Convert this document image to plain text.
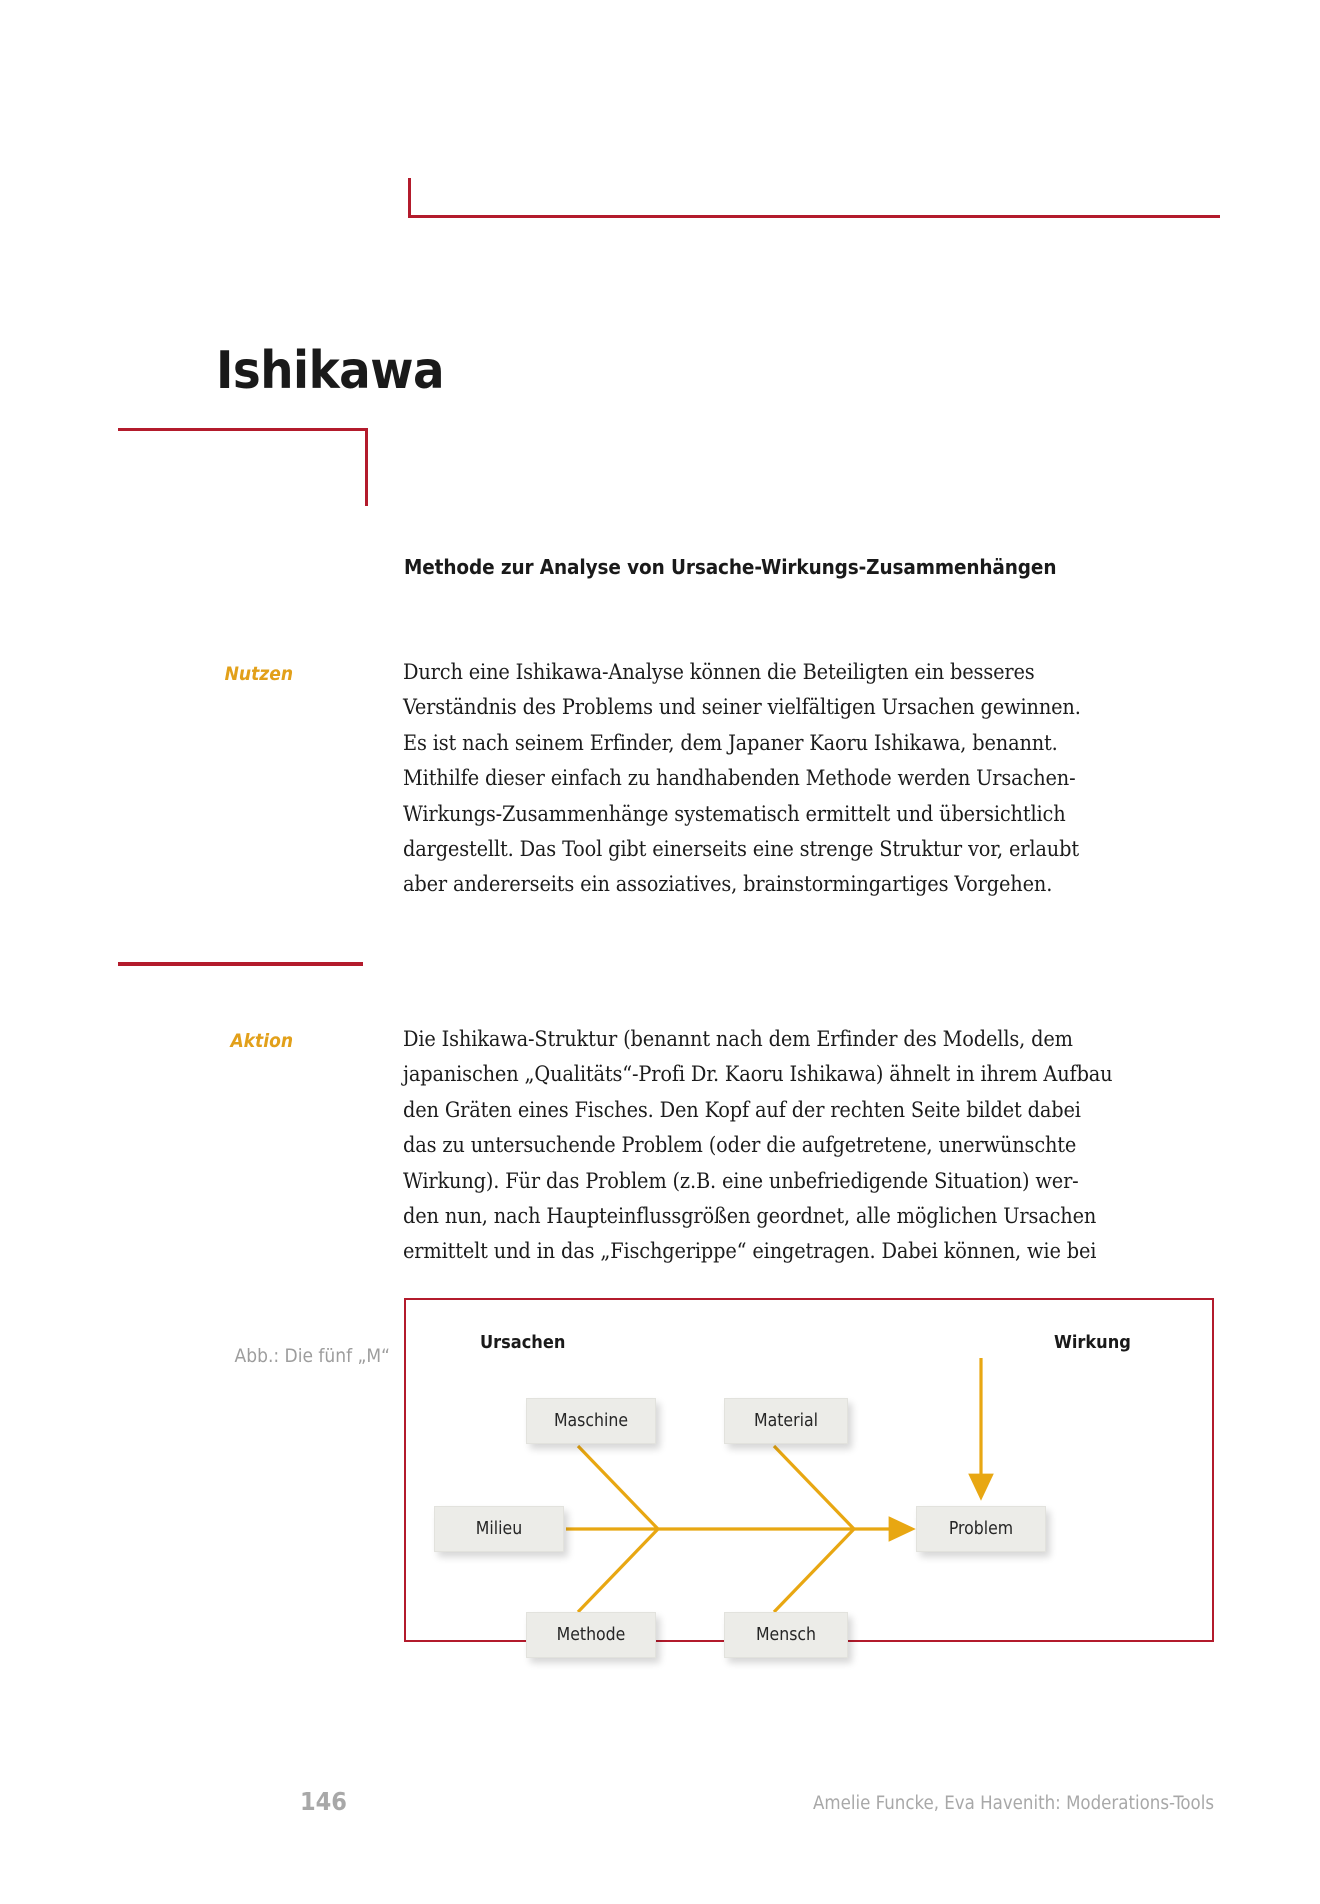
Ishikawa
Methode zur Analyse von Ursache-Wirkungs-Zusammenhängen
Nutzen	Durch eine Ishikawa-Analyse können die Beteiligten ein besseres
Verständnis des Problems und seiner vielfältigen Ursachen gewinnen.
Es ist nach seinem Erfinder, dem Japaner Kaoru Ishikawa, benannt.
Mithilfe dieser einfach zu handhabenden Methode werden Ursachen-
Wirkungs-Zusammenhänge systematisch ermittelt und übersichtlich
dargestellt. Das Tool gibt einerseits eine strenge Struktur vor, erlaubt
aber andererseits ein assoziatives, brainstormingartiges Vorgehen.
Aktion	Die Ishikawa-Struktur (benannt nach dem Erfinder des Modells, dem
japanischen „Qualitäts“-Profi Dr. Kaoru Ishikawa) ähnelt in ihrem Aufbau
den Gräten eines Fisches. Den Kopf auf der rechten Seite bildet dabei
das zu untersuchende Problem (oder die aufgetretene, unerwünschte
Wirkung). Für das Problem (z.B. eine unbefriedigende Situation) wer-
den nun, nach Haupteinflussgrößen geordnet, alle möglichen Ursachen
ermittelt und in das „Fischgerippe“ eingetragen. Dabei können, wie bei
Abb.: Die fünf „M“
Ursachen	Wirkung
Maschine	Material
Milieu	Problem
Methode	Mensch
146	Amelie Funcke, Eva Havenith: Moderations-Tools
